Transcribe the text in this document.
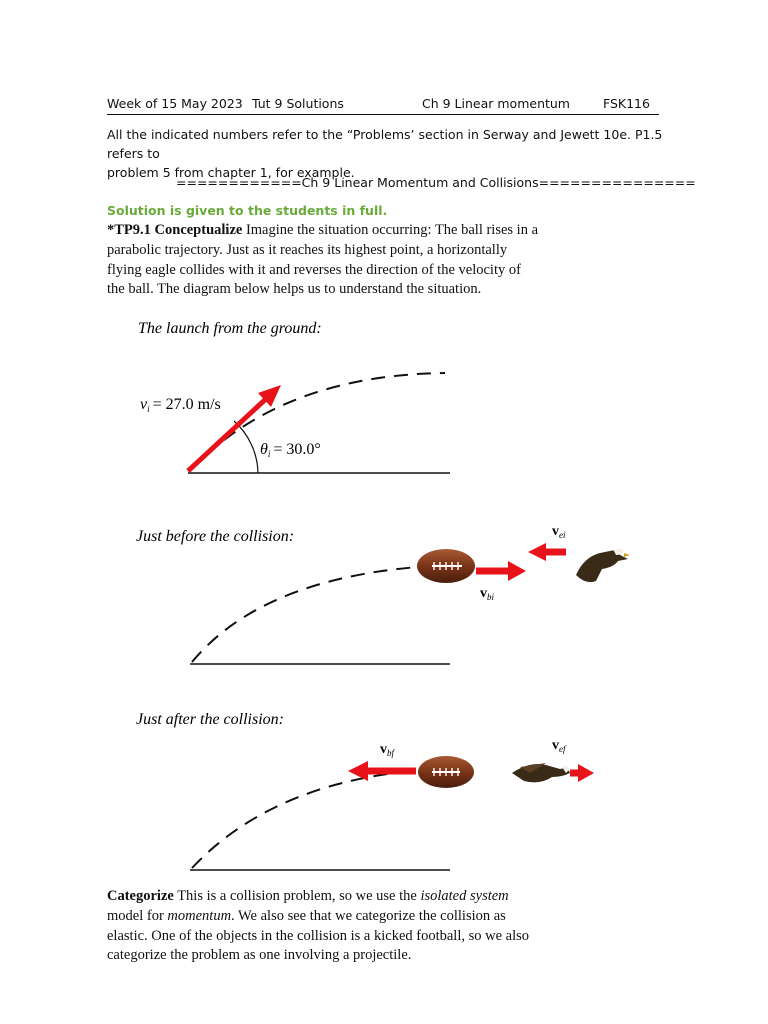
Week of 15 May 2023 Tut 9 Solutions	Ch 9 Linear momentum	FSK116
All the indicated numbers refer to the “Problems’ section in Serway and Jewett 10e. P1.5 refers to
problem 5 from chapter 1, for example.
============Ch 9 Linear Momentum and Collisions===============
Solution is given to the students in full.
*TP9.1 Conceptualize Imagine the situation occurring: The ball rises in a
parabolic trajectory. Just as it reaches its highest point, a horizontally
flying eagle collides with it and reverses the direction of the velocity of
the ball. The diagram below helps us to understand the situation.
The launch from the ground:
vi = 27.0 m/s
θi = 30.0°
Just before the collision:
vbi
vei
Just after the collision:
vbf	vef
Categorize This is a collision problem, so we use the isolated system
model for momentum. We also see that we categorize the collision as
elastic. One of the objects in the collision is a kicked football, so we also
categorize the problem as one involving a projectile.
